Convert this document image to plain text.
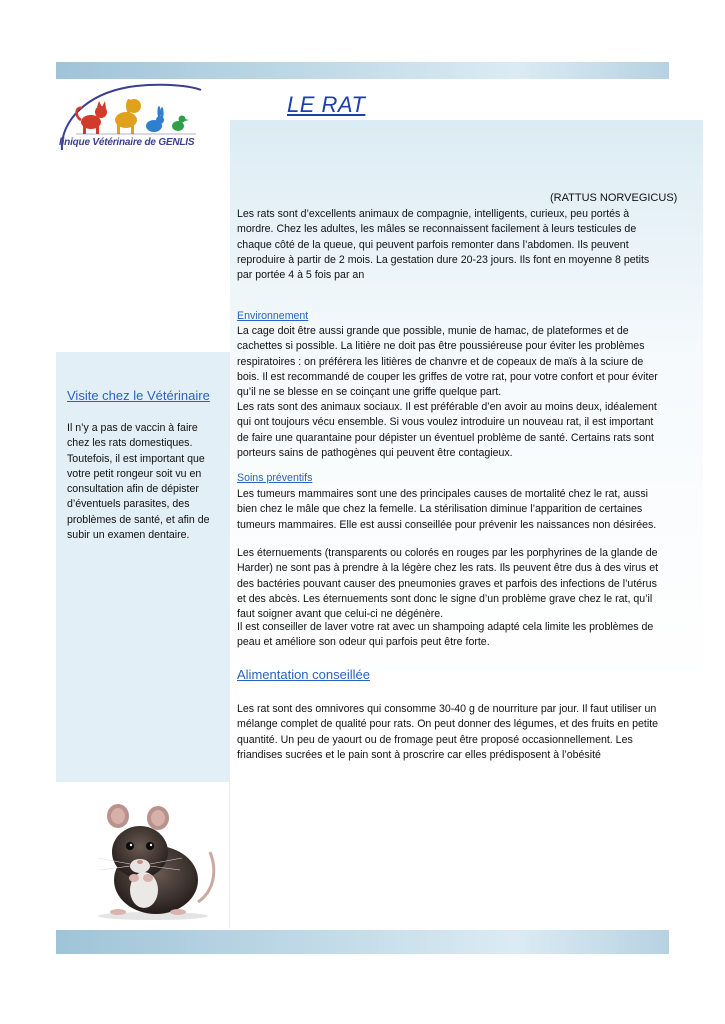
linique Vétérinaire de GENLIS
LE RAT
(RATTUS NORVEGICUS)
Les rats sont d’excellents animaux de compagnie, intelligents, curieux, peu portés à mordre. Chez les adultes, les mâles se reconnaissent facilement à leurs testicules de chaque côté de la queue, qui peuvent parfois remonter dans l’abdomen. Ils peuvent reproduire à partir de 2 mois. La gestation dure 20-23 jours. Ils font en moyenne 8 petits par portée 4 à 5 fois par an
Environnement
La cage doit être aussi grande que possible, munie de hamac, de plateformes et de cachettes si possible. La litière ne doit pas être poussiéreuse pour éviter les problèmes respiratoires : on préférera les litières de chanvre et de copeaux de maïs à la sciure de bois. Il est recommandé de couper les griffes de votre rat, pour votre confort et pour éviter qu’il ne se blesse en se coinçant une griffe quelque part.
Les rats sont des animaux sociaux. Il est préférable d’en avoir au moins deux, idéalement qui ont toujours vécu ensemble. Si vous voulez introduire un nouveau rat, il est important de faire une quarantaine pour dépister un éventuel problème de santé. Certains rats sont porteurs sains de pathogènes qui peuvent être contagieux.
Soins préventifs
Les tumeurs mammaires sont une des principales causes de mortalité chez le rat, aussi bien chez le mâle que chez la femelle. La stérilisation diminue l’apparition de certaines tumeurs mammaires. Elle est aussi conseillée pour prévenir les naissances non désirées.
Les éternuements (transparents ou colorés en rouges par les porphyrines de la glande de Harder) ne sont pas à prendre à la légère chez les rats. Ils peuvent être dus à des virus et des bactéries pouvant causer des pneumonies graves et parfois des infections de l’utérus et des abcès. Les éternuements sont donc le signe d’un problème grave chez le rat, qu’il faut soigner avant que celui-ci ne dégénère.
Il est conseiller de laver votre rat avec un shampoing adapté cela limite les problèmes de peau et améliore son odeur qui parfois peut être forte.
Alimentation conseillée
Les rat sont des omnivores qui consomme 30-40 g de nourriture par jour. Il faut utiliser un mélange complet de qualité pour rats. On peut donner des légumes, et des fruits en petite quantité. Un peu de yaourt ou de fromage peut être proposé occasionnellement. Les friandises sucrées et le pain sont à proscrire car elles prédisposent à l’obésité
Visite chez le Vétérinaire
Il n’y a pas de vaccin à faire chez les rats domestiques. Toutefois, il est important que votre petit rongeur soit vu en consultation afin de dépister d’éventuels parasites, des problèmes de santé, et afin de subir un examen dentaire.
